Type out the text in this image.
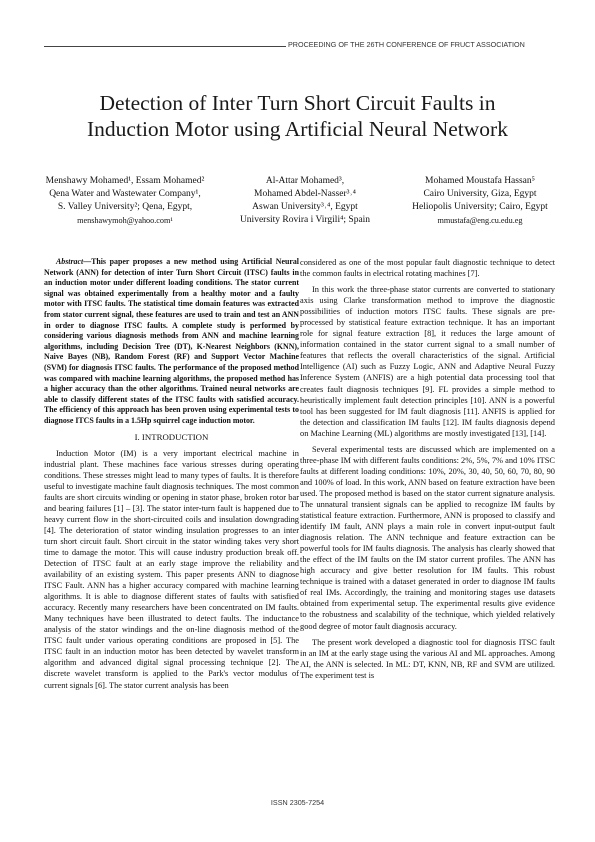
PROCEEDING OF THE 26TH CONFERENCE OF FRUCT ASSOCIATION
Detection of Inter Turn Short Circuit Faults in
Induction Motor using Artificial Neural Network
Menshawy Mohamed¹, Essam Mohamed²
Qena Water and Wastewater Company¹,
S. Valley University²; Qena, Egypt,
menshawymoh@yahoo.com¹
Al-Attar Mohamed³,
Mohamed Abdel-Nasser³˒⁴
Aswan University³˒⁴, Egypt
University Rovira i Virgili⁴; Spain
Mohamed Moustafa Hassan⁵
Cairo University, Giza, Egypt
Heliopolis University; Cairo, Egypt
mmustafa@eng.cu.edu.eg

Abstract—This paper proposes a new method using Artificial Neural Network (ANN) for detection of inter Turn Short Circuit (ITSC) faults in an induction motor under different loading conditions. The stator current signal was obtained experimentally from a healthy motor and a faulty motor with ITSC faults. The statistical time domain features was extracted from stator current signal, these features are used to train and test an ANN in order to diagnose ITSC faults. A complete study is performed by considering various diagnosis methods from ANN and machine learning algorithms, including Decision Tree (DT), K-Nearest Neighbors (KNN), Naive Bayes (NB), Random Forest (RF) and Support Vector Machine (SVM) for diagnosis ITSC faults. The performance of the proposed method was compared with machine learning algorithms, the proposed method has a higher accuracy than the other algorithms. Trained neural networks are able to classify different states of the ITSC faults with satisfied accuracy. The efficiency of this approach has been proven using experimental tests to diagnose ITCS faults in a 1.5Hp squirrel cage induction motor.

I. INTRODUCTION

Induction Motor (IM) is a very important electrical machine in industrial plant. These machines face various stresses during operating conditions. These stresses might lead to many types of faults. It is therefore useful to investigate machine fault diagnosis techniques. The most common faults are short circuits winding or opening in stator phase, broken rotor bar and bearing failures [1] – [3]. The stator inter-turn fault is happened due to heavy current flow in the short-circuited coils and insulation downgrading [4]. The deterioration of stator winding insulation progresses to an inter turn short circuit fault. Short circuit in the stator winding takes very short time to damage the motor. This will cause industry production break off. Detection of ITSC fault at an early stage improve the reliability and availability of an existing system. This paper presents ANN to diagnose ITSC Fault. ANN has a higher accuracy compared with machine learning algorithms. It is able to diagnose different states of faults with satisfied accuracy. Recently many researchers have been concentrated on IM faults. Many techniques have been illustrated to detect faults. The inductance analysis of the stator windings and the on-line diagnosis method of the ITSC fault under various operating conditions are proposed in [5]. The ITSC fault in an induction motor has been detected by wavelet transform algorithm and advanced digital signal processing technique [2]. The discrete wavelet transform is applied to the Park's vector modulus of current signals [6]. The stator current analysis has been

considered as one of the most popular fault diagnostic technique to detect the common faults in electrical rotating machines [7].

In this work the three-phase stator currents are converted to stationary axis using Clarke transformation method to improve the diagnostic possibilities of induction motors ITSC faults. These signals are pre-processed by statistical feature extraction technique. It has an important role for signal feature extraction [8], it reduces the large amount of information contained in the stator current signal to a small number of features that reflects the overall characteristics of the signal. Artificial Intelligence (AI) such as Fuzzy Logic, ANN and Adaptive Neural Fuzzy Inference System (ANFIS) are a high potential data processing tool that creates fault diagnosis techniques [9]. FL provides a simple method to heuristically implement fault detection principles [10]. ANN is a powerful tool has been suggested for IM fault diagnosis [11]. ANFIS is applied for the detection and classification IM faults [12]. IM faults diagnosis depend on Machine Learning (ML) algorithms are mostly investigated [13], [14].

Several experimental tests are discussed which are implemented on a three-phase IM with different faults conditions: 2%, 5%, 7% and 10% ITSC faults at different loading conditions: 10%, 20%, 30, 40, 50, 60, 70, 80, 90 and 100% of load. In this work, ANN based on feature extraction have been used. The proposed method is based on the stator current signature analysis. The unnatural transient signals can be applied to recognize IM faults by statistical feature extraction. Furthermore, ANN is proposed to classify and identify IM fault, ANN plays a main role in convert input-output fault diagnosis relation. The ANN technique and feature extraction can be powerful tools for IM faults diagnosis. The analysis has clearly showed that the effect of the IM faults on the IM stator current profiles. The ANN has high accuracy and give better resolution for IM faults. This robust technique is trained with a dataset generated in order to diagnose IM faults of real IMs. Accordingly, the training and monitoring stages use datasets obtained from experimental setup. The experimental results give evidence to the robustness and scalability of the technique, which yielded relatively good degree of motor fault diagnosis accuracy.

The present work developed a diagnostic tool for diagnosis ITSC fault in an IM at the early stage using the various AI and ML approaches. Among AI, the ANN is selected. In ML: DT, KNN, NB, RF and SVM are utilized. The experiment test is

ISSN 2305-7254
